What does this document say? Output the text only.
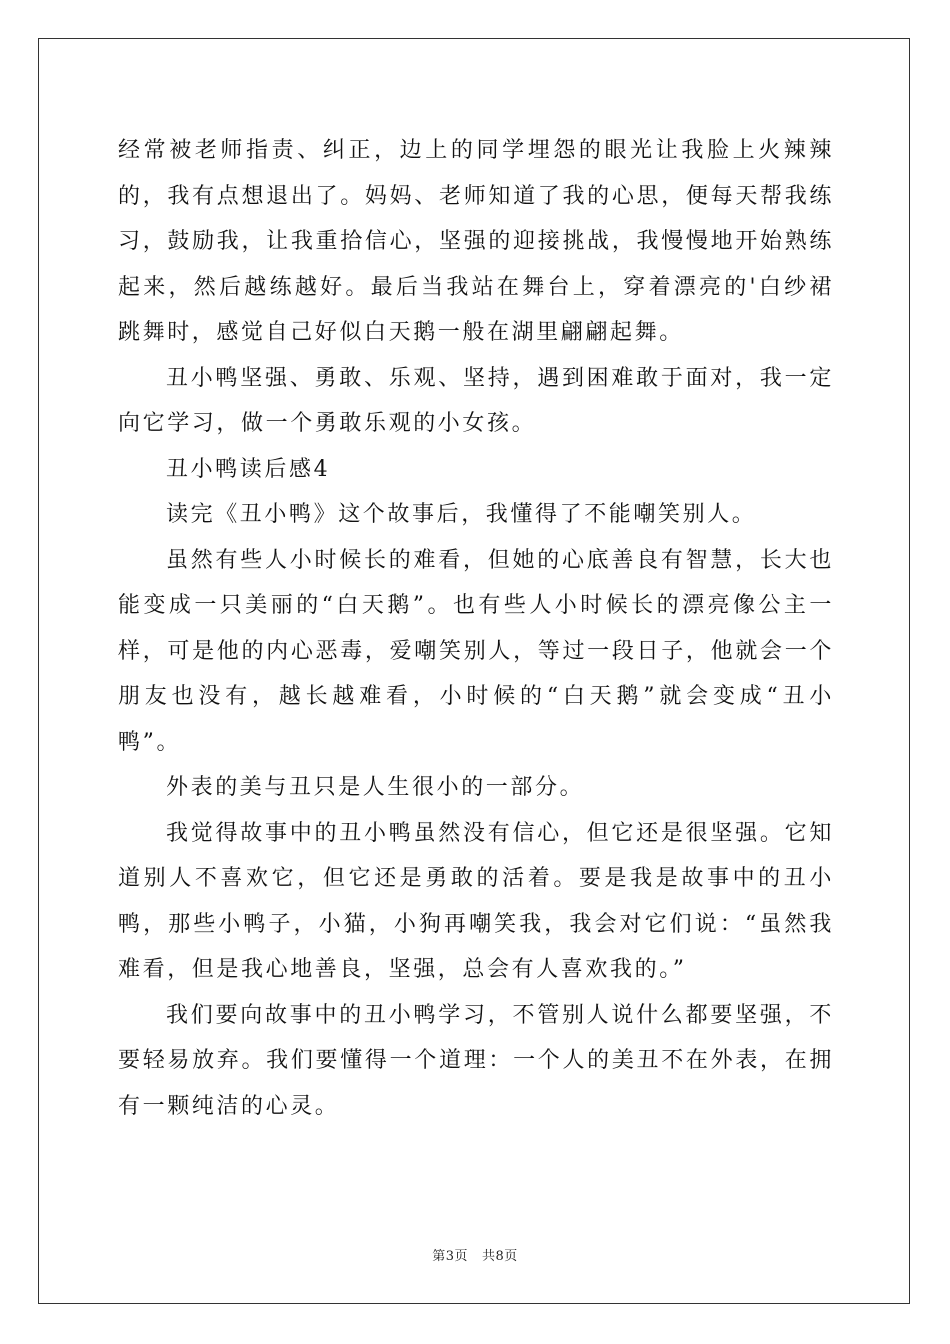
经常被老师指责、纠正，边上的同学埋怨的眼光让我脸上火辣辣的，我有点想退出了。妈妈、老师知道了我的心思，便每天帮我练习，鼓励我，让我重拾信心，坚强的迎接挑战，我慢慢地开始熟练起来，然后越练越好。最后当我站在舞台上，穿着漂亮的'白纱裙跳舞时，感觉自己好似白天鹅一般在湖里翩翩起舞。

丑小鸭坚强、勇敢、乐观、坚持，遇到困难敢于面对，我一定向它学习，做一个勇敢乐观的小女孩。

丑小鸭读后感4

读完《丑小鸭》这个故事后，我懂得了不能嘲笑别人。

虽然有些人小时候长的难看，但她的心底善良有智慧，长大也能变成一只美丽的“白天鹅”。也有些人小时候长的漂亮像公主一样，可是他的内心恶毒，爱嘲笑别人，等过一段日子，他就会一个朋友也没有，越长越难看，小时候的“白天鹅”就会变成“丑小鸭”。

外表的美与丑只是人生很小的一部分。

我觉得故事中的丑小鸭虽然没有信心，但它还是很坚强。它知道别人不喜欢它，但它还是勇敢的活着。要是我是故事中的丑小鸭，那些小鸭子，小猫，小狗再嘲笑我，我会对它们说：“虽然我难看，但是我心地善良，坚强，总会有人喜欢我的。”

我们要向故事中的丑小鸭学习，不管别人说什么都要坚强，不要轻易放弃。我们要懂得一个道理：一个人的美丑不在外表，在拥有一颗纯洁的心灵。

第3页 共8页
